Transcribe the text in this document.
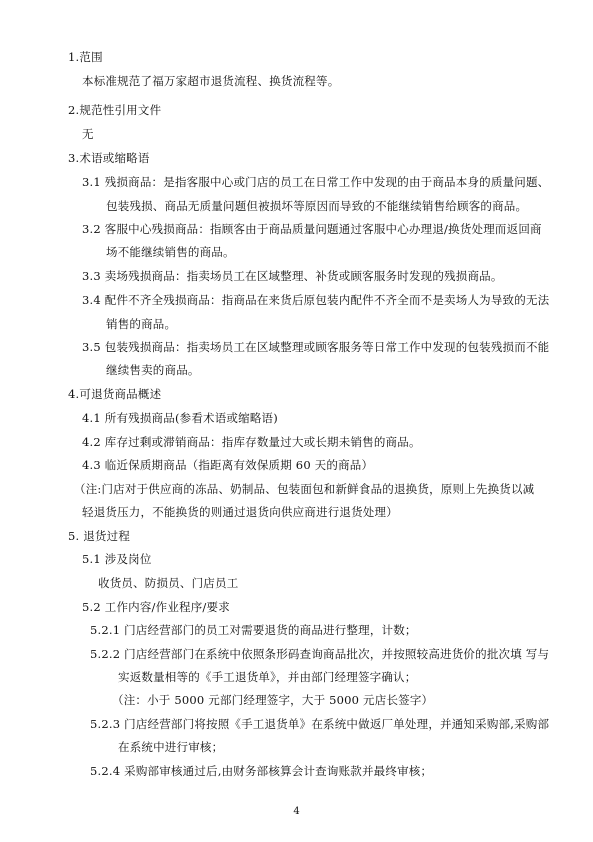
1.范围
本标准规范了福万家超市退货流程、换货流程等。
2.规范性引用文件
无
3.术语或缩略语
3.1 残损商品：是指客服中心或门店的员工在日常工作中发现的由于商品本身的质量问题、
包装残损、商品无质量问题但被损坏等原因而导致的不能继续销售给顾客的商品。
3.2 客服中心残损商品：指顾客由于商品质量问题通过客服中心办理退/换货处理而返回商
场不能继续销售的商品。
3.3 卖场残损商品：指卖场员工在区域整理、补货或顾客服务时发现的残损商品。
3.4 配件不齐全残损商品：指商品在来货后原包装内配件不齐全而不是卖场人为导致的无法
销售的商品。
3.5 包装残损商品：指卖场员工在区域整理或顾客服务等日常工作中发现的包装残损而不能
继续售卖的商品。
4.可退货商品概述
4.1 所有残损商品(参看术语或缩略语)
4.2 库存过剩或滞销商品：指库存数量过大或长期未销售的商品。
4.3 临近保质期商品（指距离有效保质期 60 天的商品）
（注:门店对于供应商的冻品、奶制品、包装面包和新鲜食品的退换货，原则上先换货以减
轻退货压力，不能换货的则通过退货向供应商进行退货处理）
5. 退货过程
5.1 涉及岗位
收货员、防损员、门店员工
5.2 工作内容/作业程序/要求
5.2.1 门店经营部门的员工对需要退货的商品进行整理，计数；
5.2.2 门店经营部门在系统中依照条形码查询商品批次，并按照较高进货价的批次填 写与
实返数量相等的《手工退货单》，并由部门经理签字确认；
（注：小于 5000 元部门经理签字，大于 5000 元店长签字）
5.2.3 门店经营部门将按照《手工退货单》在系统中做返厂单处理，并通知采购部,采购部
在系统中进行审核；
5.2.4 采购部审核通过后,由财务部核算会计查询账款并最终审核；
4
